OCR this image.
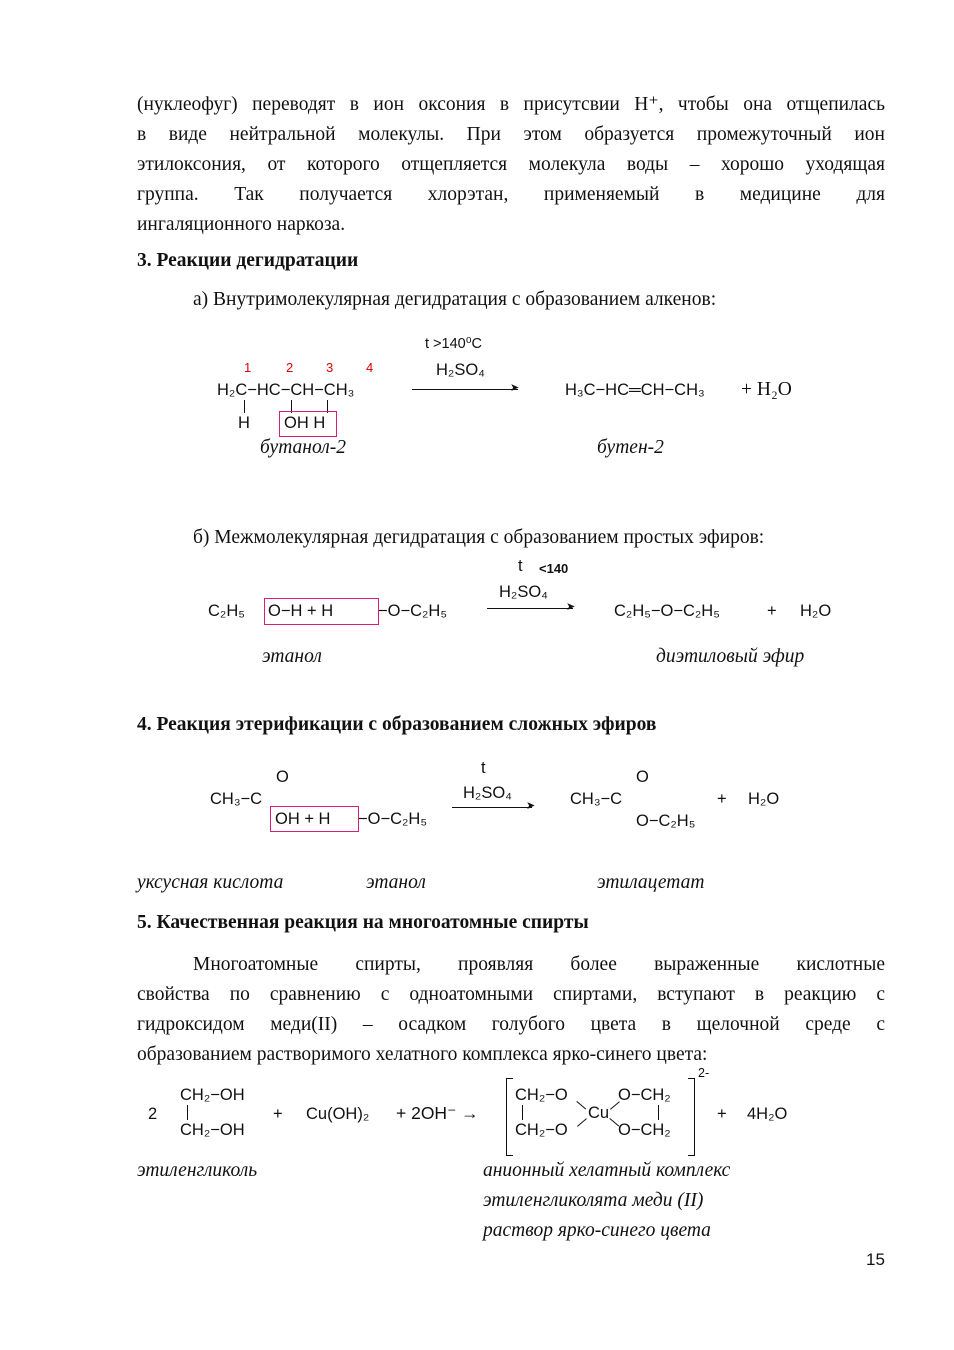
(нуклеофуг) переводят в ион оксония в присутсвии H⁺, чтобы она отщепилась
в виде нейтральной молекулы. При этом образуется промежуточный ион
этилоксония, от которого отщепляется молекула воды – хорошо уходящая
группа. Так получается хлорэтан, применяемый в медицине для
ингаляционного наркоза.
3. Реакции дегидратации
а) Внутримолекулярная дегидратация с образованием алкенов:
1	2	3	4
H₂C−HC−CH−CH₃
H OH H
t >140⁰C
H₂SO₄
➤	H₃C−HC═CH−CH₃ + H₂O
бутанол-2	бутен-2
б) Межмолекулярная дегидратация с образованием простых эфиров:
t <140
H₂SO₄
C₂H₅ O−H + H	−O−C₂H₅	➤ C₂H₅−O−C₂H₅	+ H₂O
этанол	диэтиловый эфир
4. Реакция этерификации с образованием сложных эфиров
O
CH₃−C
OH + H −O−C₂H₅
t
H₂SO₄
➤
O
CH₃−C
O−C₂H₅
+ H₂O
уксусная кислота	этанол	этилацетат
5. Качественная реакция на многоатомные спирты
Многоатомные спирты, проявляя более выраженные кислотные
свойства по сравнению с одноатомными спиртами, вступают в реакцию с
гидроксидом меди(II) – осадком голубого цвета в щелочной среде с
образованием растворимого хелатного комплекса ярко-синего цвета:
2
CH₂−OH
CH₂−OH
+ Cu(OH)₂ + 2OH⁻ →
2-
CH₂−O
CH₂−O
Cu
O−CH₂
O−CH₂
+ 4H₂O
этиленгликоль	анионный хелатный комплекс
этиленгликолята меди (II)
раствор ярко-синего цвета
15
